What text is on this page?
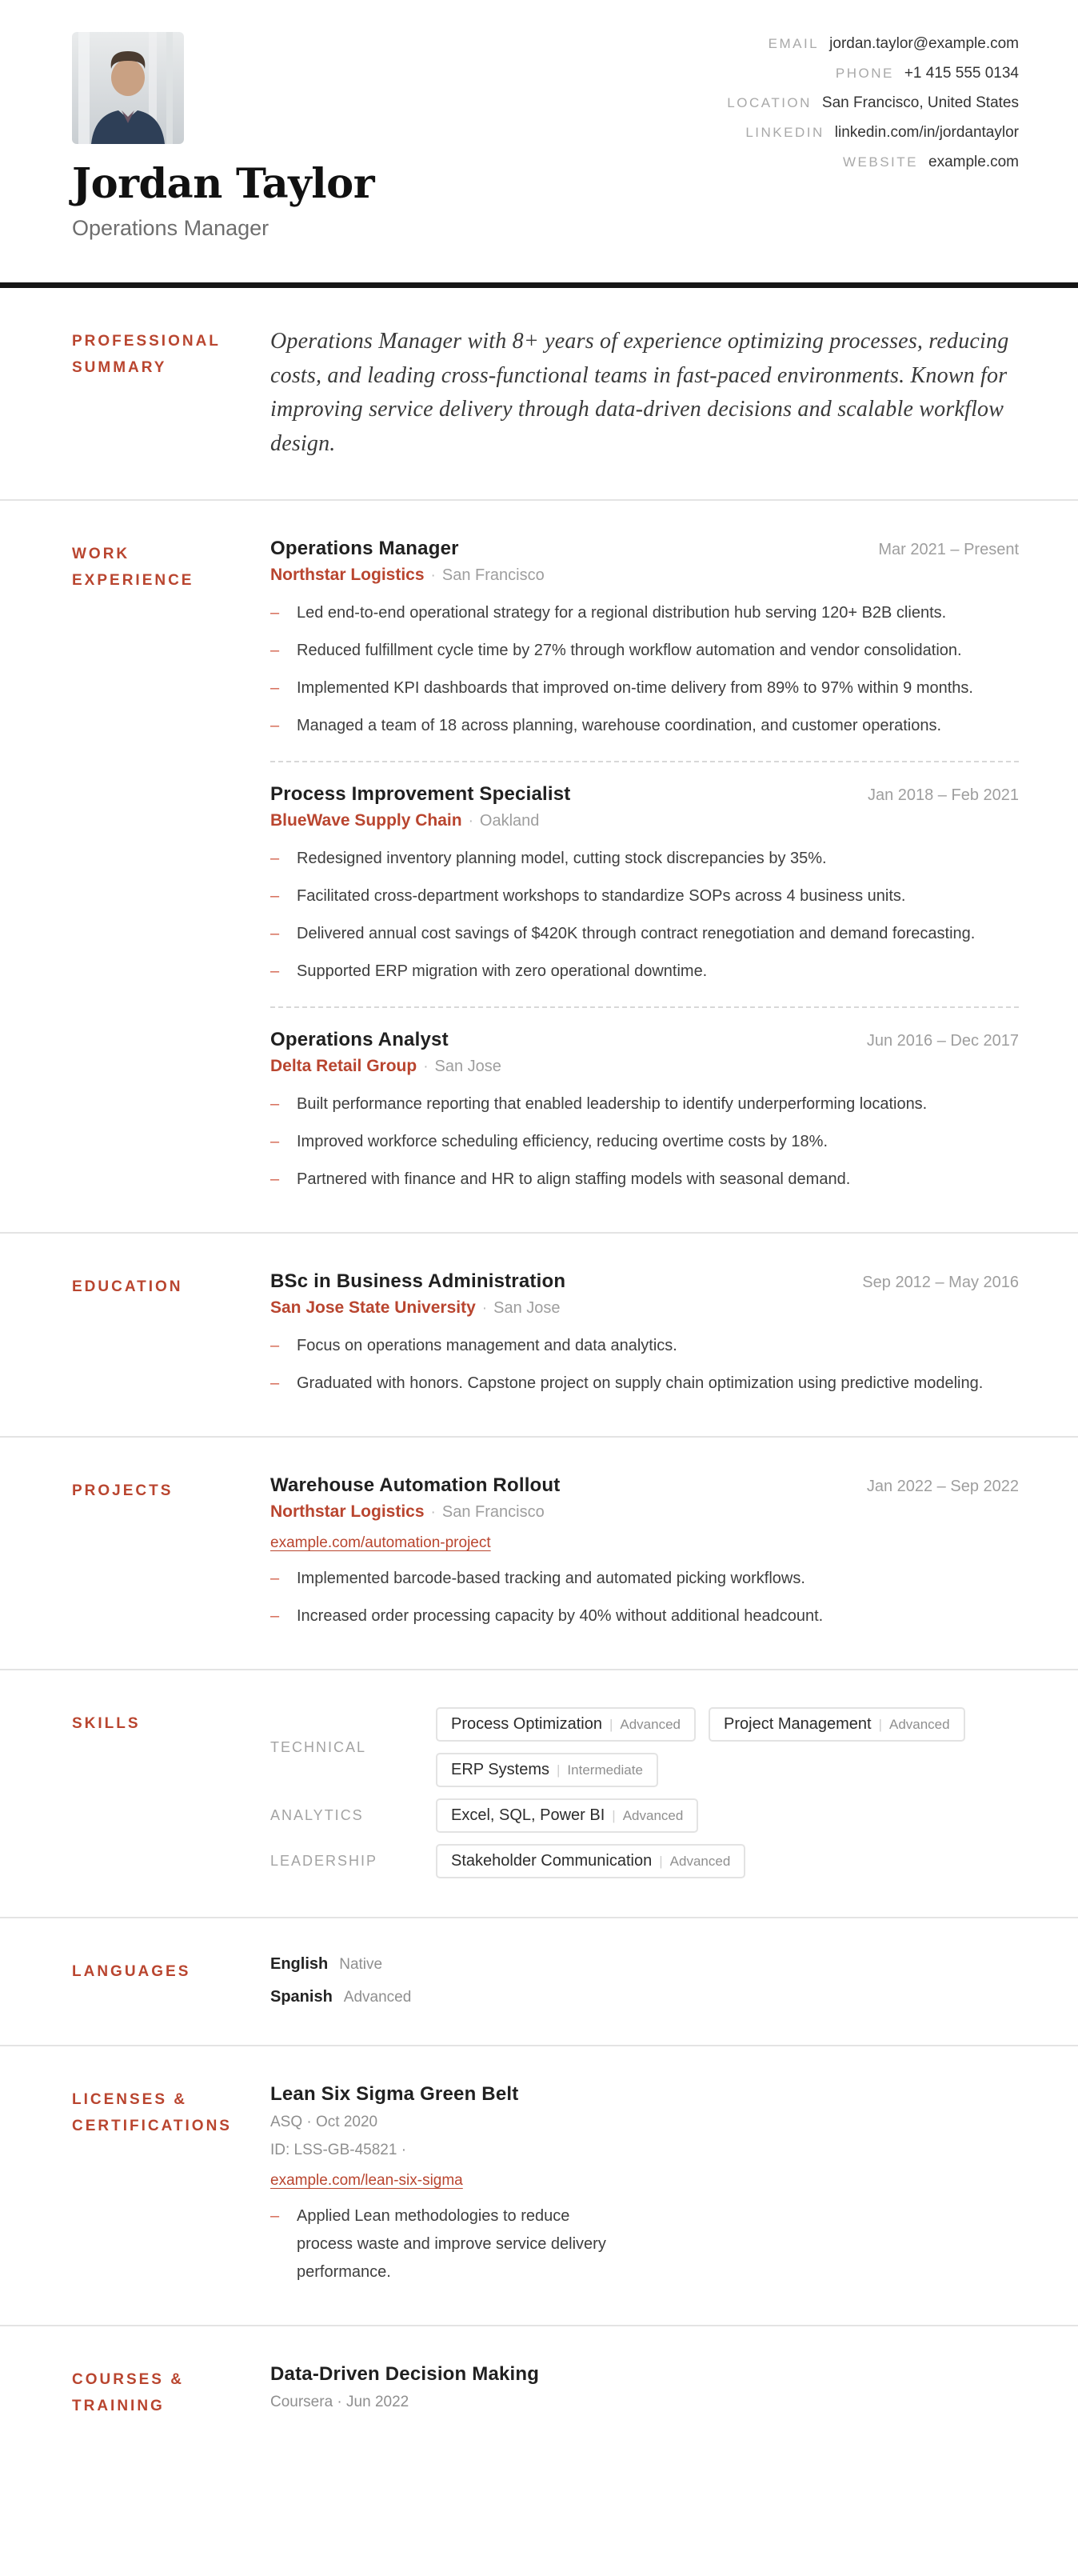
Jordan Taylor
Operations Manager
EMAIL jordan.taylor@example.com
PHONE +1 415 555 0134
LOCATION San Francisco, United States
LINKEDIN linkedin.com/in/jordantaylor
WEBSITE example.com
PROFESSIONAL SUMMARY
Operations Manager with 8+ years of experience optimizing processes, reducing costs, and leading cross-functional teams in fast-paced environments. Known for improving service delivery through data-driven decisions and scalable workflow design.
WORK EXPERIENCE
Operations Manager	Mar 2021 – Present
Northstar Logistics · San Francisco
–	Led end-to-end operational strategy for a regional distribution hub serving 120+ B2B clients.
–	Reduced fulfillment cycle time by 27% through workflow automation and vendor consolidation.
–	Implemented KPI dashboards that improved on-time delivery from 89% to 97% within 9 months.
–	Managed a team of 18 across planning, warehouse coordination, and customer operations.
Process Improvement Specialist	Jan 2018 – Feb 2021
BlueWave Supply Chain · Oakland
–	Redesigned inventory planning model, cutting stock discrepancies by 35%.
–	Facilitated cross-department workshops to standardize SOPs across 4 business units.
–	Delivered annual cost savings of $420K through contract renegotiation and demand forecasting.
–	Supported ERP migration with zero operational downtime.
Operations Analyst	Jun 2016 – Dec 2017
Delta Retail Group · San Jose
–	Built performance reporting that enabled leadership to identify underperforming locations.
–	Improved workforce scheduling efficiency, reducing overtime costs by 18%.
–	Partnered with finance and HR to align staffing models with seasonal demand.
EDUCATION	BSc in Business Administration	Sep 2012 – May 2016
San Jose State University · San Jose
–	Focus on operations management and data analytics.
–	Graduated with honors. Capstone project on supply chain optimization using predictive modeling.
PROJECTS	Warehouse Automation Rollout	Jan 2022 – Sep 2022
Northstar Logistics · San Francisco
example.com/automation-project
–	Implemented barcode-based tracking and automated picking workflows.
–	Increased order processing capacity by 40% without additional headcount.
SKILLS
TECHNICAL
Process Optimization | Advanced	Project Management | Advanced
ERP Systems | Intermediate
ANALYTICS	Excel, SQL, Power BI | Advanced
LEADERSHIP	Stakeholder Communication | Advanced
LANGUAGES	English Native
Spanish Advanced
LICENSES & CERTIFICATIONS
Lean Six Sigma Green Belt
ASQ · Oct 2020
ID: LSS-GB-45821 ·
example.com/lean-six-sigma
–	Applied Lean methodologies to reduce process waste and improve service delivery performance.
COURSES & TRAINING
Data-Driven Decision Making
Coursera · Jun 2022
